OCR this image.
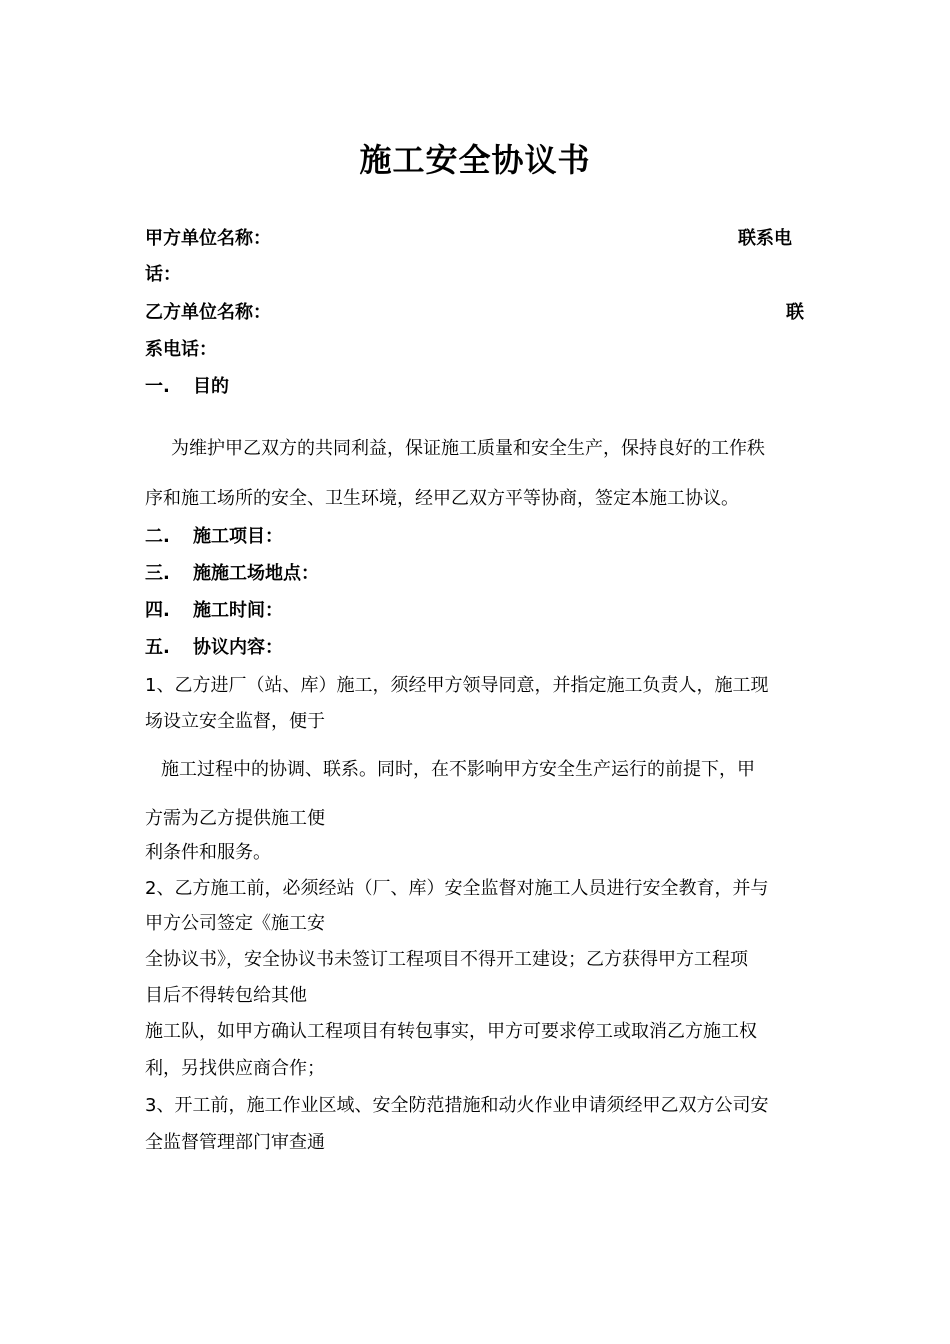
施工安全协议书
甲方单位名称：	联系电
话：
乙方单位名称：	联
系电话：
一. 目的
为维护甲乙双方的共同利益，保证施工质量和安全生产，保持良好的工作秩
序和施工场所的安全、卫生环境，经甲乙双方平等协商，签定本施工协议。
二. 施工项目：
三. 施施工场地点：
四. 施工时间：
五. 协议内容：
1、乙方进厂（站、库）施工，须经甲方领导同意，并指定施工负责人，施工现
场设立安全监督，便于
施工过程中的协调、联系。同时，在不影响甲方安全生产运行的前提下，甲
方需为乙方提供施工便
利条件和服务。
2、乙方施工前，必须经站（厂、库）安全监督对施工人员进行安全教育，并与
甲方公司签定《施工安
全协议书》，安全协议书未签订工程项目不得开工建设；乙方获得甲方工程项
目后不得转包给其他
施工队，如甲方确认工程项目有转包事实，甲方可要求停工或取消乙方施工权
利，另找供应商合作；
3、开工前，施工作业区域、安全防范措施和动火作业申请须经甲乙双方公司安
全监督管理部门审查通
